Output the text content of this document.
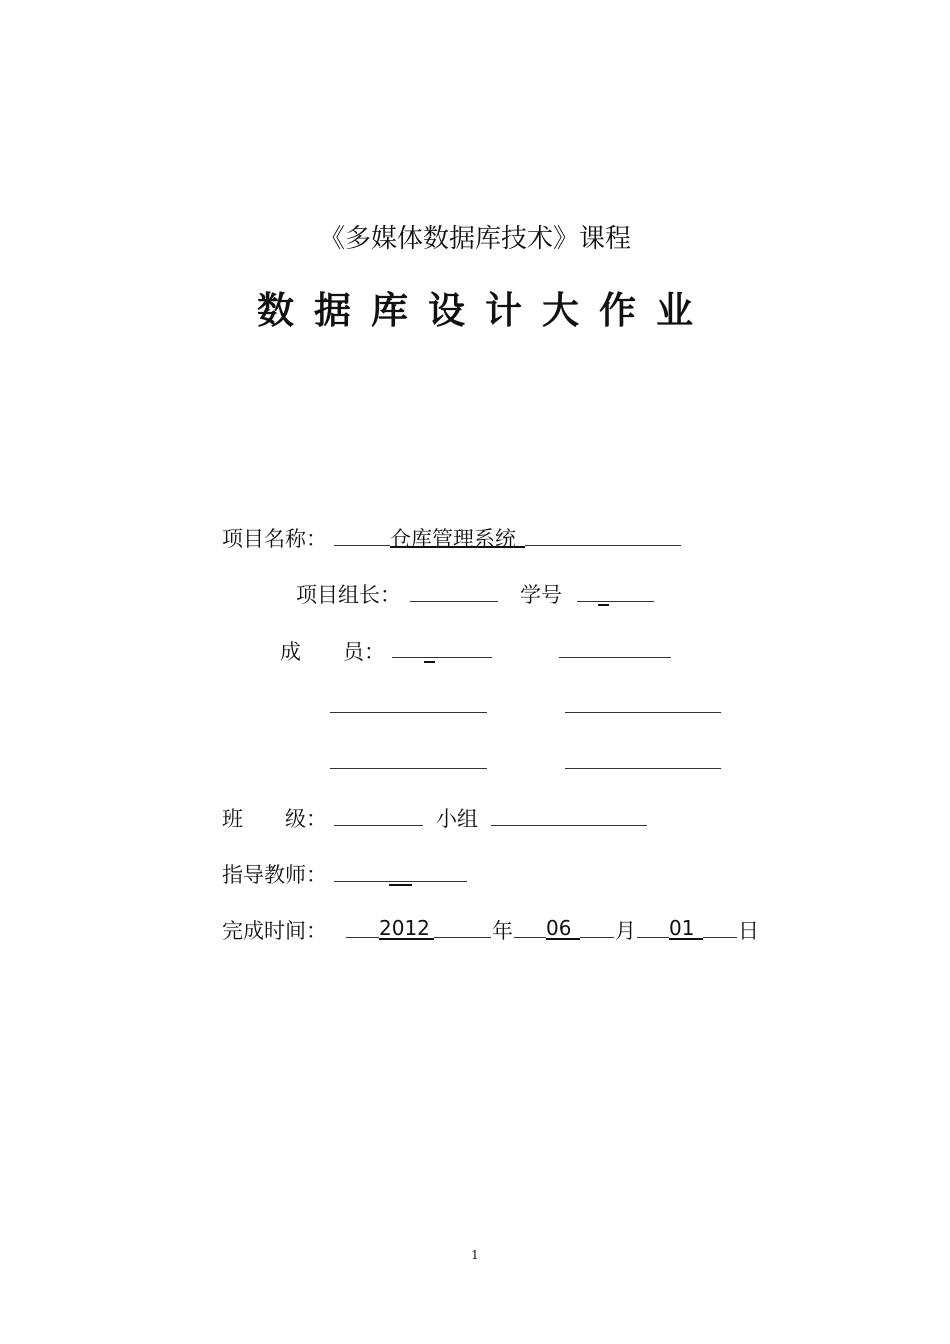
《多媒体数据库技术》课程
数据库设计大作业
项目名称：	仓库管理系统
项目组长：	学号
成　　员：
班　　级：	小组
指导教师：
完成时间：	2012	年 06 月 01 日
1
